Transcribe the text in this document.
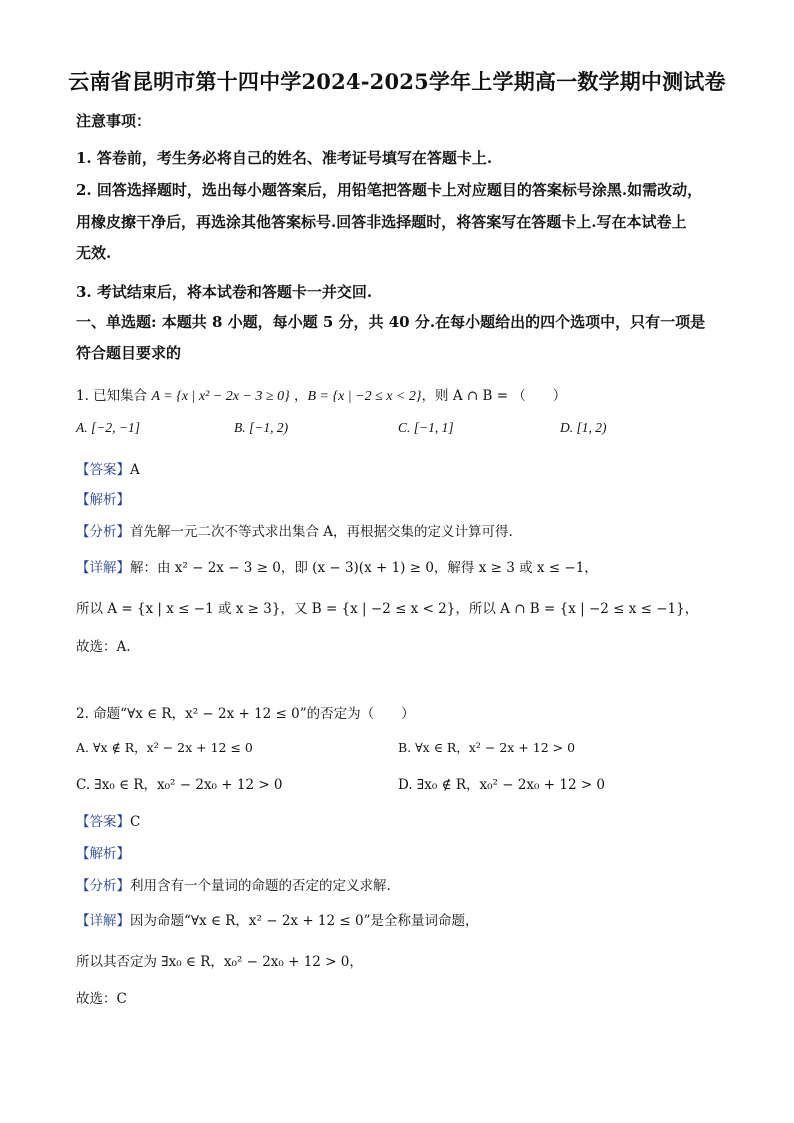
云南省昆明市第十四中学2024-2025学年上学期高一数学期中测试卷
注意事项：
1. 答卷前，考生务必将自己的姓名、准考证号填写在答题卡上.
2. 回答选择题时，选出每小题答案后，用铅笔把答题卡上对应题目的答案标号涂黑.如需改动，
用橡皮擦干净后，再选涂其他答案标号.回答非选择题时，将答案写在答题卡上.写在本试卷上
无效.
3. 考试结束后，将本试卷和答题卡一并交回.
一、单选题: 本题共 8 小题，每小题 5 分，共 40 分.在每小题给出的四个选项中，只有一项是
符合题目要求的
1. 已知集合 A = {x | x² − 2x − 3 ≥ 0} ，B = {x | −2 ≤ x < 2}，则 A ∩ B = （　　）
A. [−2, −1]	B. [−1, 2)	C. [−1, 1]	D. [1, 2)
【答案】A
【解析】
【分析】首先解一元二次不等式求出集合 A，再根据交集的定义计算可得.
【详解】解：由 x² − 2x − 3 ≥ 0，即 (x − 3)(x + 1) ≥ 0，解得 x ≥ 3 或 x ≤ −1，
所以 A = {x | x ≤ −1 或 x ≥ 3}，又 B = {x | −2 ≤ x < 2}，所以 A ∩ B = {x | −2 ≤ x ≤ −1}，
故选：A.
2. 命题“∀x ∈ R，x² − 2x + 12 ≤ 0”的否定为（　　）
A. ∀x ∉ R，x² − 2x + 12 ≤ 0	B. ∀x ∈ R，x² − 2x + 12 > 0
C. ∃x₀ ∈ R，x₀² − 2x₀ + 12 > 0	D. ∃x₀ ∉ R，x₀² − 2x₀ + 12 > 0
【答案】C
【解析】
【分析】利用含有一个量词的命题的否定的定义求解.
【详解】因为命题“∀x ∈ R，x² − 2x + 12 ≤ 0”是全称量词命题，
所以其否定为 ∃x₀ ∈ R，x₀² − 2x₀ + 12 > 0，
故选：C
